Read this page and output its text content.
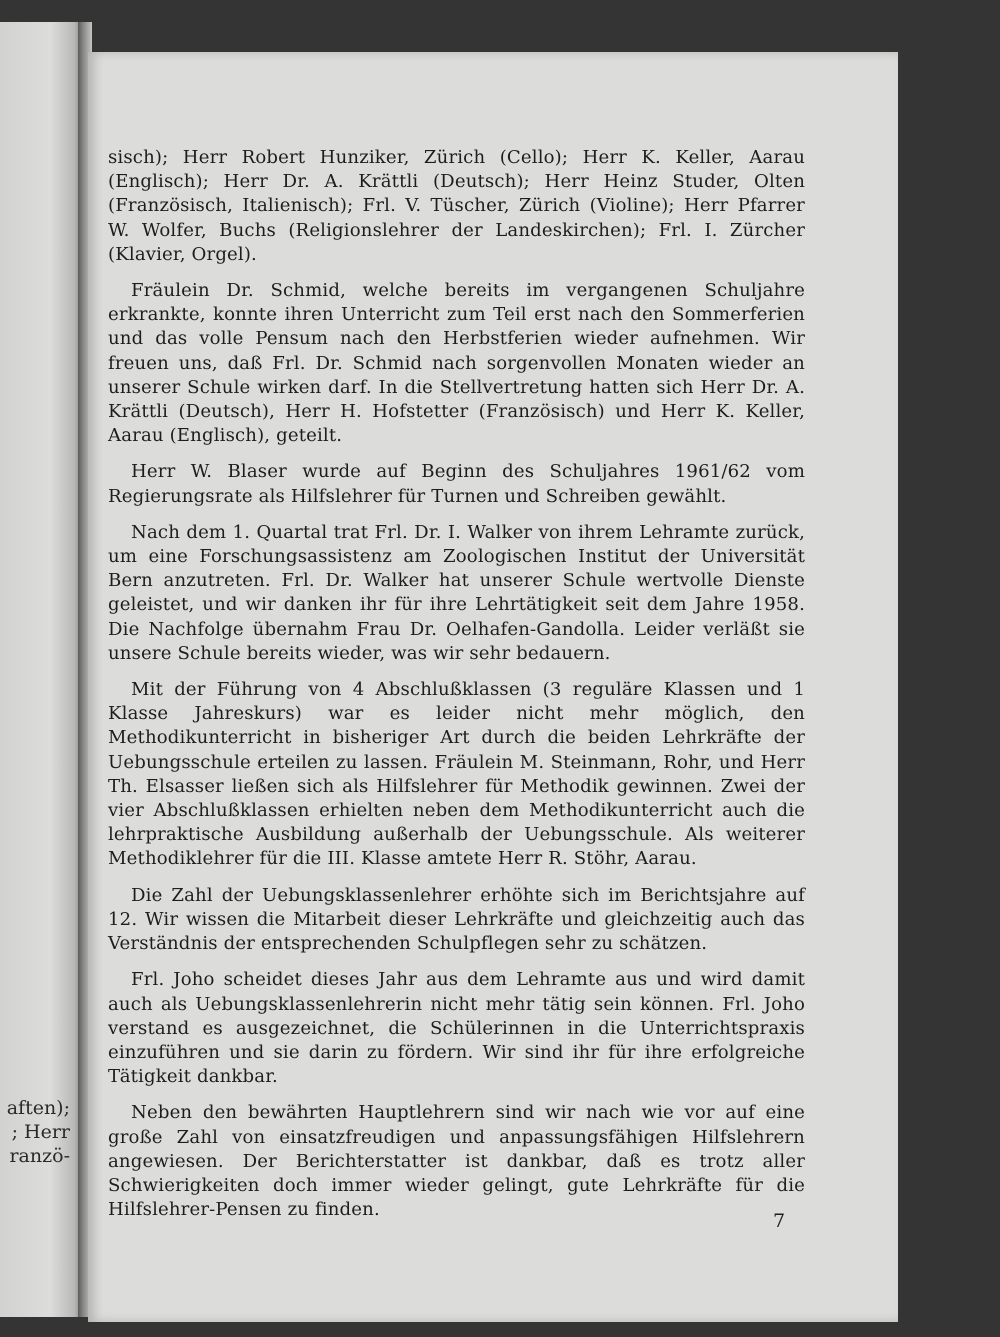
aften);
; Herr
ranzö-

sisch); Herr Robert Hunziker, Zürich (Cello); Herr K. Keller, Aarau (Englisch); Herr Dr. A. Krättli (Deutsch); Herr Heinz Studer, Olten (Französisch, Italienisch); Frl. V. Tüscher, Zürich (Violine); Herr Pfarrer W. Wolfer, Buchs (Religionslehrer der Landeskirchen); Frl. I. Zürcher (Klavier, Orgel).

Fräulein Dr. Schmid, welche bereits im vergangenen Schuljahre erkrankte, konnte ihren Unterricht zum Teil erst nach den Sommerferien und das volle Pensum nach den Herbstferien wieder aufnehmen. Wir freuen uns, daß Frl. Dr. Schmid nach sorgenvollen Monaten wieder an unserer Schule wirken darf. In die Stellvertretung hatten sich Herr Dr. A. Krättli (Deutsch), Herr H. Hofstetter (Französisch) und Herr K. Keller, Aarau (Englisch), geteilt.

Herr W. Blaser wurde auf Beginn des Schuljahres 1961/62 vom Regierungsrate als Hilfslehrer für Turnen und Schreiben gewählt.

Nach dem 1. Quartal trat Frl. Dr. I. Walker von ihrem Lehramte zurück, um eine Forschungsassistenz am Zoologischen Institut der Universität Bern anzutreten. Frl. Dr. Walker hat unserer Schule wertvolle Dienste geleistet, und wir danken ihr für ihre Lehrtätigkeit seit dem Jahre 1958. Die Nachfolge übernahm Frau Dr. Oelhafen-Gandolla. Leider verläßt sie unsere Schule bereits wieder, was wir sehr bedauern.

Mit der Führung von 4 Abschlußklassen (3 reguläre Klassen und 1 Klasse Jahreskurs) war es leider nicht mehr möglich, den Methodikunterricht in bisheriger Art durch die beiden Lehrkräfte der Uebungsschule erteilen zu lassen. Fräulein M. Steinmann, Rohr, und Herr Th. Elsasser ließen sich als Hilfslehrer für Methodik gewinnen. Zwei der vier Abschlußklassen erhielten neben dem Methodikunterricht auch die lehrpraktische Ausbildung außerhalb der Uebungsschule. Als weiterer Methodiklehrer für die III. Klasse amtete Herr R. Stöhr, Aarau.

Die Zahl der Uebungsklassenlehrer erhöhte sich im Berichtsjahre auf 12. Wir wissen die Mitarbeit dieser Lehrkräfte und gleichzeitig auch das Verständnis der entsprechenden Schulpflegen sehr zu schätzen.

Frl. Joho scheidet dieses Jahr aus dem Lehramte aus und wird damit auch als Uebungsklassenlehrerin nicht mehr tätig sein können. Frl. Joho verstand es ausgezeichnet, die Schülerinnen in die Unterrichtspraxis einzuführen und sie darin zu fördern. Wir sind ihr für ihre erfolgreiche Tätigkeit dankbar.

Neben den bewährten Hauptlehrern sind wir nach wie vor auf eine große Zahl von einsatzfreudigen und anpassungsfähigen Hilfslehrern angewiesen. Der Berichterstatter ist dankbar, daß es trotz aller Schwierigkeiten doch immer wieder gelingt, gute Lehrkräfte für die Hilfslehrer-Pensen zu finden.

7
